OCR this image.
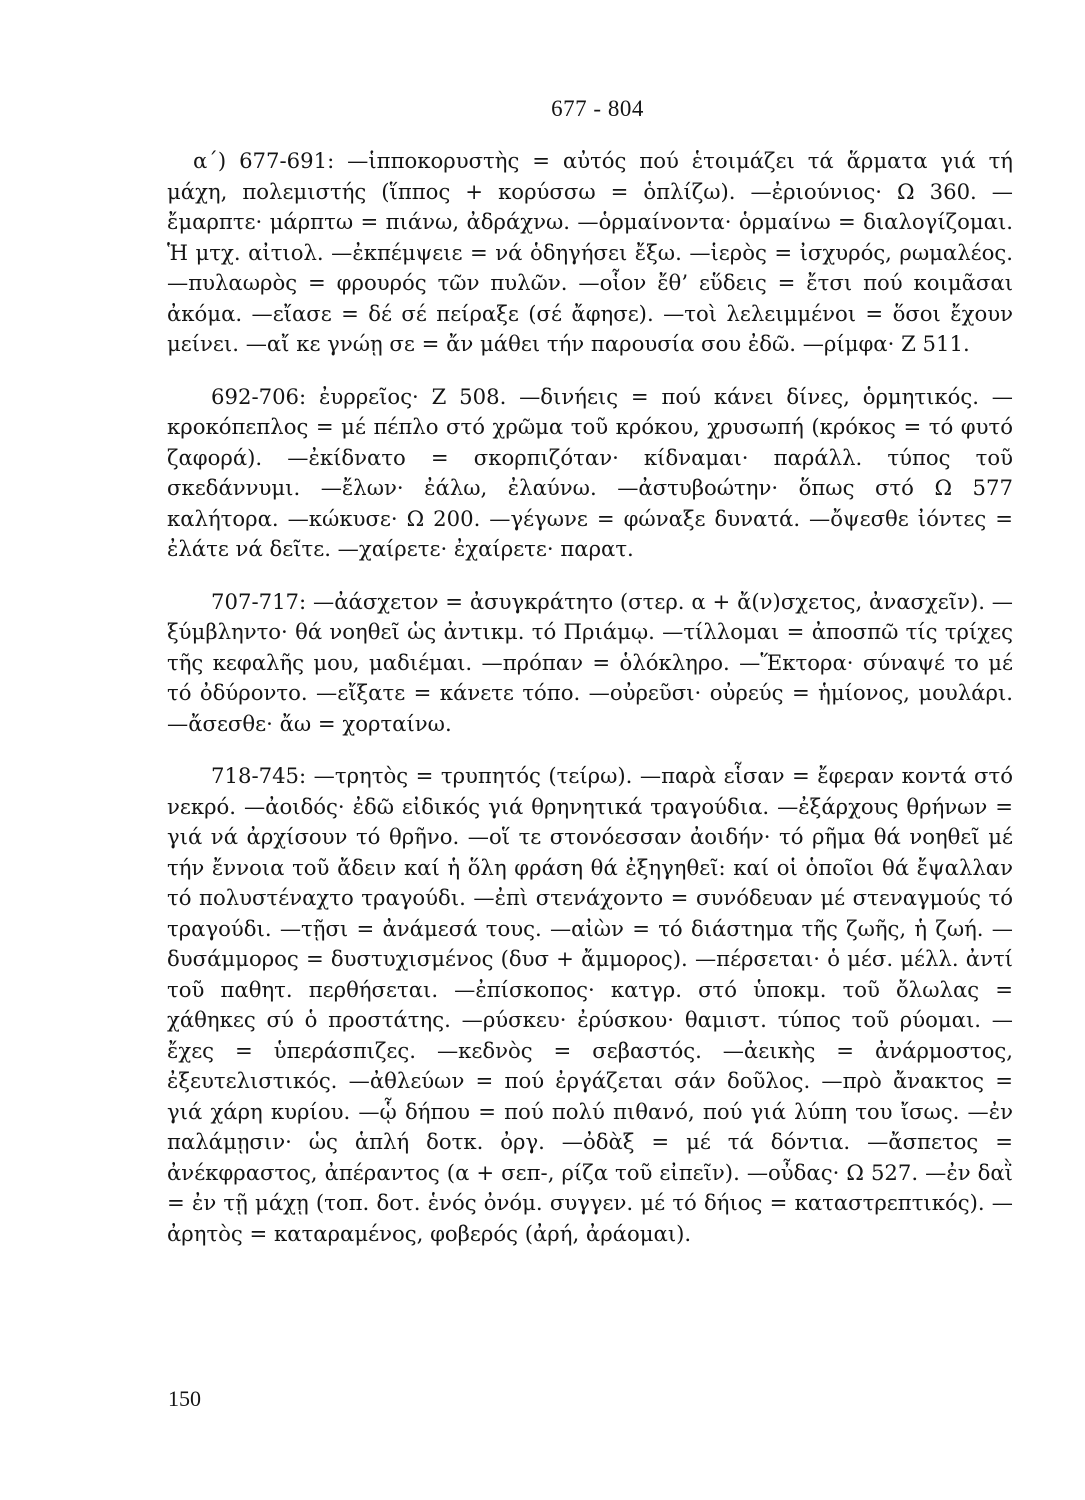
677 - 804

α΄) 677-691: —ἱπποκορυστὴς = αὐτός πού ἑτοιμάζει τά ἅρματα γιά τή μάχη, πολεμιστής (ἵππος + κορύσσω = ὁπλίζω). —ἐριούνιος· Ω 360. —ἔμαρπτε· μάρπτω = πιάνω, ἀδράχνω. —ὁρμαίνοντα· ὁρμαίνω = διαλογίζομαι. Ἡ μτχ. αἰτιολ. —ἐκπέμψειε = νά ὁδηγήσει ἔξω. —ἱερὸς = ἰσχυρός, ρωμαλέος. —πυλαωρὸς = φρουρός τῶν πυλῶν. —οἷον ἔθ’ εὕδεις = ἔτσι πού κοιμᾶσαι ἀκόμα. —εἴασε = δέ σέ πείραξε (σέ ἄφησε). —τοὶ λελειμμένοι = ὅσοι ἔχουν μείνει. —αἴ κε γνώῃ σε = ἄν μάθει τήν παρουσία σου ἐδῶ. —ρίμφα· Ζ 511.

692-706: ἐυρρεῖος· Ζ 508. —δινήεις = πού κάνει δίνες, ὁρμητικός. —κροκόπεπλος = μέ πέπλο στό χρῶμα τοῦ κρόκου, χρυσωπή (κρόκος = τό φυτό ζαφορά). —ἐκίδνατο = σκορπιζόταν· κίδναμαι· παράλλ. τύπος τοῦ σκεδάννυμι. —ἔλων· ἐάλω, ἐλαύνω. —ἀστυβοώτην· ὅπως στό Ω 577 καλήτορα. —κώκυσε· Ω 200. —γέγωνε = φώναξε δυνατά. —ὄψεσθε ἰόντες = ἐλάτε νά δεῖτε. —χαίρετε· ἐχαίρετε· παρατ.

707-717: —ἀάσχετον = ἀσυγκράτητο (στερ. α + ἄ(ν)σχετος, ἀνασχεῖν). —ξύμβληντο· θά νοηθεῖ ὡς ἀντικμ. τό Πριάμῳ. —τίλλομαι = ἀποσπῶ τίς τρίχες τῆς κεφαλῆς μου, μαδιέμαι. —πρόπαν = ὁλόκληρο. —Ἕκτορα· σύναψέ το μέ τό ὀδύροντο. —εἴξατε = κάνετε τόπο. —οὐρεῦσι· οὐρεύς = ἡμίονος, μουλάρι. —ἄσεσθε· ἄω = χορταίνω.

718-745: —τρητὸς = τρυπητός (τείρω). —παρὰ εἷσαν = ἔφεραν κοντά στό νεκρό. —ἀοιδός· ἐδῶ εἰδικός γιά θρηνητικά τραγούδια. —ἐξάρχους θρήνων = γιά νά ἀρχίσουν τό θρῆνο. —οἵ τε στονόεσσαν ἀοιδήν· τό ρῆμα θά νοηθεῖ μέ τήν ἔννοια τοῦ ἄδειν καί ἡ ὅλη φράση θά ἐξηγηθεῖ: καί οἱ ὁποῖοι θά ἔψαλλαν τό πολυστέναχτο τραγούδι. —ἐπὶ στενάχοντο = συνόδευαν μέ στεναγμούς τό τραγούδι. —τῇσι = ἀνάμεσά τους. —αἰὼν = τό διάστημα τῆς ζωῆς, ἡ ζωή. —δυσάμμορος = δυστυχισμένος (δυσ + ἄμμορος). —πέρσεται· ὁ μέσ. μέλλ. ἀντί τοῦ παθητ. περθήσεται. —ἐπίσκοπος· κατγρ. στό ὑποκμ. τοῦ ὄλωλας = χάθηκες σύ ὁ προστάτης. —ρύσκευ· ἐρύσκου· θαμιστ. τύπος τοῦ ρύομαι. —ἔχες = ὑπεράσπιζες. —κεδνὸς = σεβαστός. —ἀεικὴς = ἀνάρμοστος, ἐξευτελιστικός. —ἀθλεύων = πού ἐργάζεται σάν δοῦλος. —πρὸ ἄνακτος = γιά χάρη κυρίου. —ᾧ δήπου = πού πολύ πιθανό, πού γιά λύπη του ἴσως. —ἐν παλάμῃσιν· ὡς ἁπλή δοτκ. ὀργ. —ὀδὰξ = μέ τά δόντια. —ἄσπετος = ἀνέκφραστος, ἀπέραντος (α + σεπ-, ρίζα τοῦ εἰπεῖν). —οὖδας· Ω 527. —ἐν δαῒ = ἐν τῇ μάχῃ (τοπ. δοτ. ἑνός ὀνόμ. συγγεν. μέ τό δήιος = καταστρεπτικός). —ἀρητὸς = καταραμένος, φοβερός (ἀρή, ἀράομαι).

150
